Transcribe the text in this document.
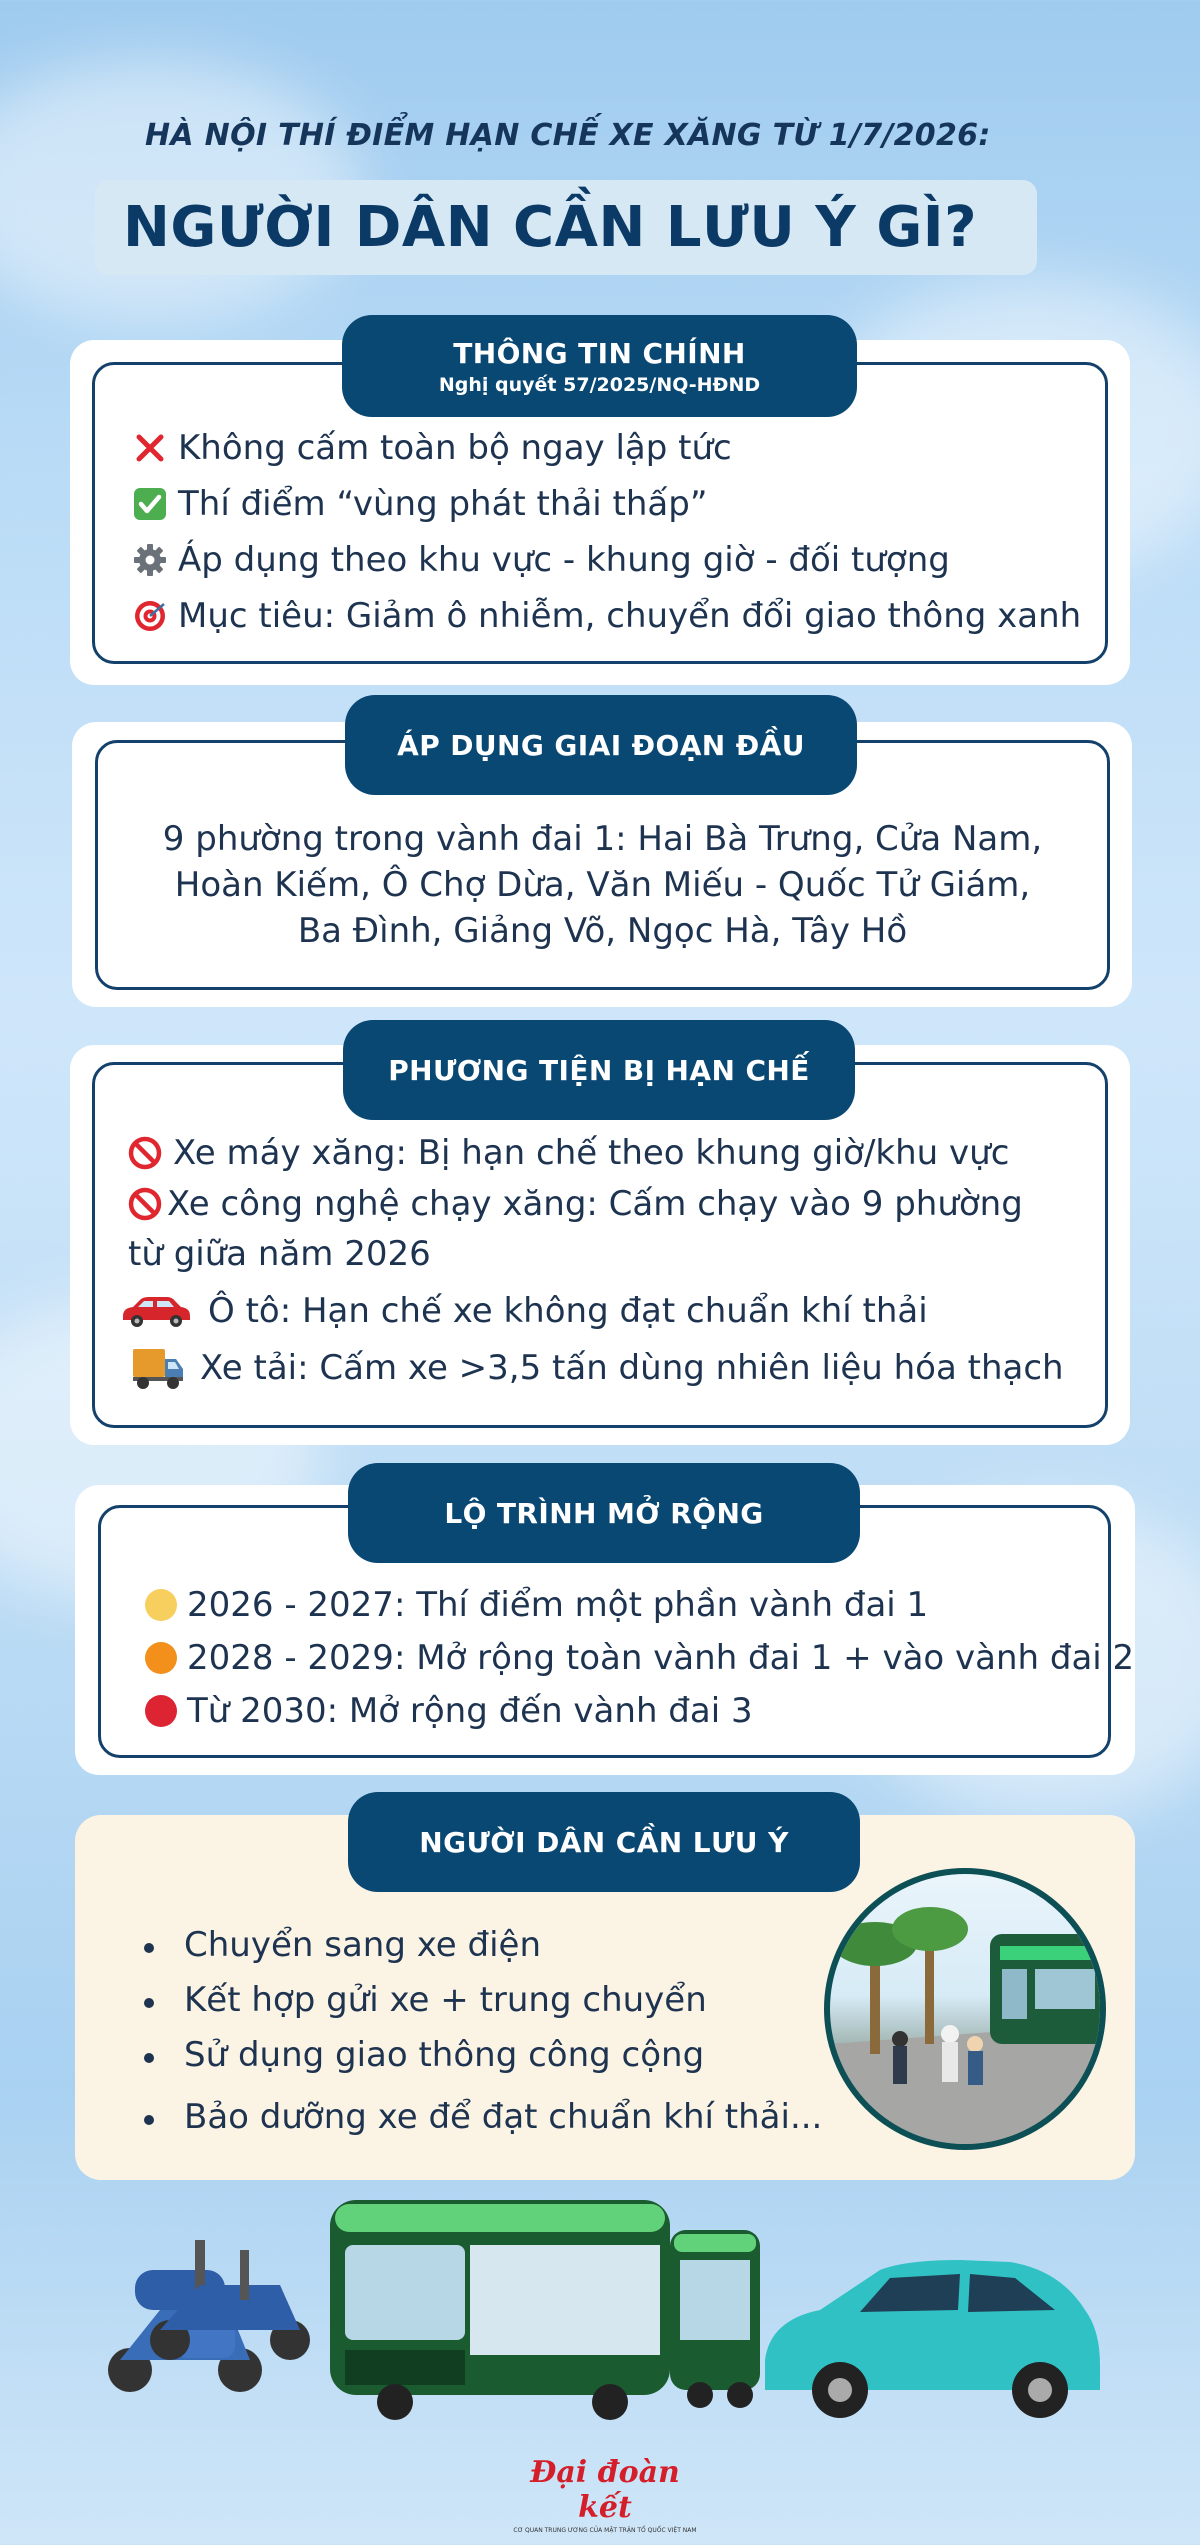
HÀ NỘI THÍ ĐIỂM HẠN CHẾ XE XĂNG TỪ 1/7/2026:
NGƯỜI DÂN CẦN LƯU Ý GÌ?
THÔNG TIN CHÍNH
Nghị quyết 57/2025/NQ-HĐND
Không cấm toàn bộ ngay lập tức
Thí điểm “vùng phát thải thấp”
Áp dụng theo khu vực - khung giờ - đối tượng
Mục tiêu: Giảm ô nhiễm, chuyển đổi giao thông xanh
ÁP DỤNG GIAI ĐOẠN ĐẦU
9 phường trong vành đai 1: Hai Bà Trưng, Cửa Nam,
Hoàn Kiếm, Ô Chợ Dừa, Văn Miếu - Quốc Tử Giám,
Ba Đình, Giảng Võ, Ngọc Hà, Tây Hồ
PHƯƠNG TIỆN BỊ HẠN CHẾ
Xe máy xăng: Bị hạn chế theo khung giờ/khu vực
Xe công nghệ chạy xăng: Cấm chạy vào 9 phường
từ giữa năm 2026
Ô tô: Hạn chế xe không đạt chuẩn khí thải
Xe tải: Cấm xe >3,5 tấn dùng nhiên liệu hóa thạch
LỘ TRÌNH MỞ RỘNG
2026 - 2027: Thí điểm một phần vành đai 1
2028 - 2029: Mở rộng toàn vành đai 1 + vào vành đai 2
Từ 2030: Mở rộng đến vành đai 3
NGƯỜI DÂN CẦN LƯU Ý
Chuyển sang xe điện
Kết hợp gửi xe + trung chuyển
Sử dụng giao thông công cộng
Bảo dưỡng xe để đạt chuẩn khí thải...
Đại đoàn kết
CƠ QUAN TRUNG ƯƠNG CỦA MẶT TRẬN TỔ QUỐC VIỆT NAM
